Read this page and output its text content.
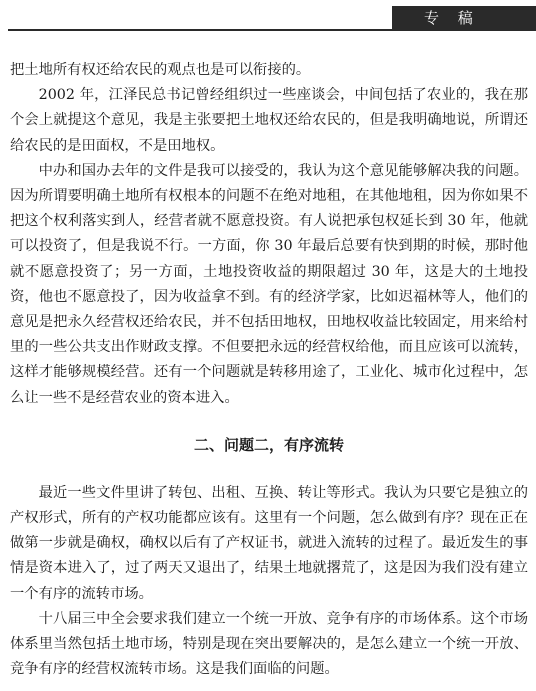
专 稿

把土地所有权还给农民的观点也是可以衔接的。

2002 年，江泽民总书记曾经组织过一些座谈会，中间包括了农业的，我在那个会上就提这个意见，我是主张要把土地权还给农民的，但是我明确地说，所谓还给农民的是田面权，不是田地权。

中办和国办去年的文件是我可以接受的，我认为这个意见能够解决我的问题。因为所谓要明确土地所有权根本的问题不在绝对地租，在其他地租，因为你如果不把这个权利落实到人，经营者就不愿意投资。有人说把承包权延长到 30 年，他就可以投资了，但是我说不行。一方面，你 30 年最后总要有快到期的时候，那时他就不愿意投资了；另一方面，土地投资收益的期限超过 30 年，这是大的土地投资，他也不愿意投了，因为收益拿不到。有的经济学家，比如迟福林等人，他们的意见是把永久经营权还给农民，并不包括田地权，田地权收益比较固定，用来给村里的一些公共支出作财政支撑。不但要把永远的经营权给他，而且应该可以流转，这样才能够规模经营。还有一个问题就是转移用途了，工业化、城市化过程中，怎么让一些不是经营农业的资本进入。

二、问题二，有序流转

最近一些文件里讲了转包、出租、互换、转让等形式。我认为只要它是独立的产权形式，所有的产权功能都应该有。这里有一个问题，怎么做到有序？现在正在做第一步就是确权，确权以后有了产权证书，就进入流转的过程了。最近发生的事情是资本进入了，过了两天又退出了，结果土地就撂荒了，这是因为我们没有建立一个有序的流转市场。

十八届三中全会要求我们建立一个统一开放、竞争有序的市场体系。这个市场体系里当然包括土地市场，特别是现在突出要解决的，是怎么建立一个统一开放、竞争有序的经营权流转市场。这是我们面临的问题。
